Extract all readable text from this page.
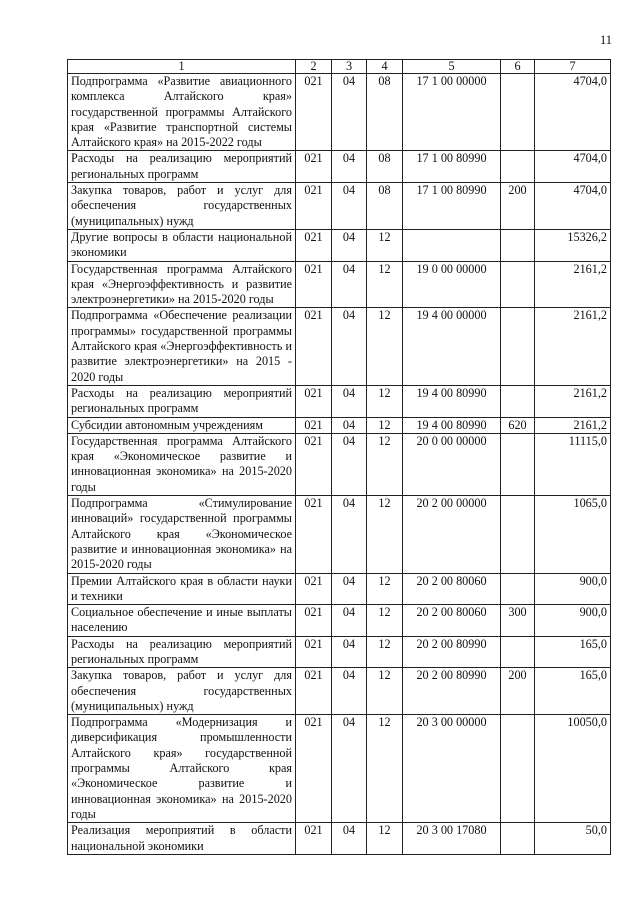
11
1	2	3	4	5	6	7
Подпрограмма «Развитие авиационного комплекса Алтайского края» государственной программы Алтайского края «Развитие транспортной системы Алтайского края» на 2015-2022 годы	021	04	08	17 1 00 00000		4704,0
Расходы на реализацию мероприятий региональных программ	021	04	08	17 1 00 80990		4704,0
Закупка товаров, работ и услуг для обеспечения государственных (муниципальных) нужд	021	04	08	17 1 00 80990	200	4704,0
Другие вопросы в области национальной экономики	021	04	12			15326,2
Государственная программа Алтайского края «Энергоэффективность и развитие электроэнергетики» на 2015-2020 годы	021	04	12	19 0 00 00000		2161,2
Подпрограмма «Обеспечение реализации программы» государственной программы Алтайского края «Энергоэффективность и развитие электроэнергетики» на 2015 - 2020 годы	021	04	12	19 4 00 00000		2161,2
Расходы на реализацию мероприятий региональных программ	021	04	12	19 4 00 80990		2161,2
Субсидии автономным учреждениям	021	04	12	19 4 00 80990	620	2161,2
Государственная программа Алтайского края «Экономическое развитие и инновационная экономика» на 2015-2020 годы	021	04	12	20 0 00 00000		11115,0
Подпрограмма «Стимулирование инноваций» государственной программы Алтайского края «Экономическое развитие и инновационная экономика» на 2015-2020 годы	021	04	12	20 2 00 00000		1065,0
Премии Алтайского края в области науки и техники	021	04	12	20 2 00 80060		900,0
Социальное обеспечение и иные выплаты населению	021	04	12	20 2 00 80060	300	900,0
Расходы на реализацию мероприятий региональных программ	021	04	12	20 2 00 80990		165,0
Закупка товаров, работ и услуг для обеспечения государственных (муниципальных) нужд	021	04	12	20 2 00 80990	200	165,0
Подпрограмма «Модернизация и диверсификация промышленности Алтайского края» государственной программы Алтайского края «Экономическое развитие и инновационная экономика» на 2015-2020 годы	021	04	12	20 3 00 00000		10050,0
Реализация мероприятий в области национальной экономики	021	04	12	20 3 00 17080		50,0
